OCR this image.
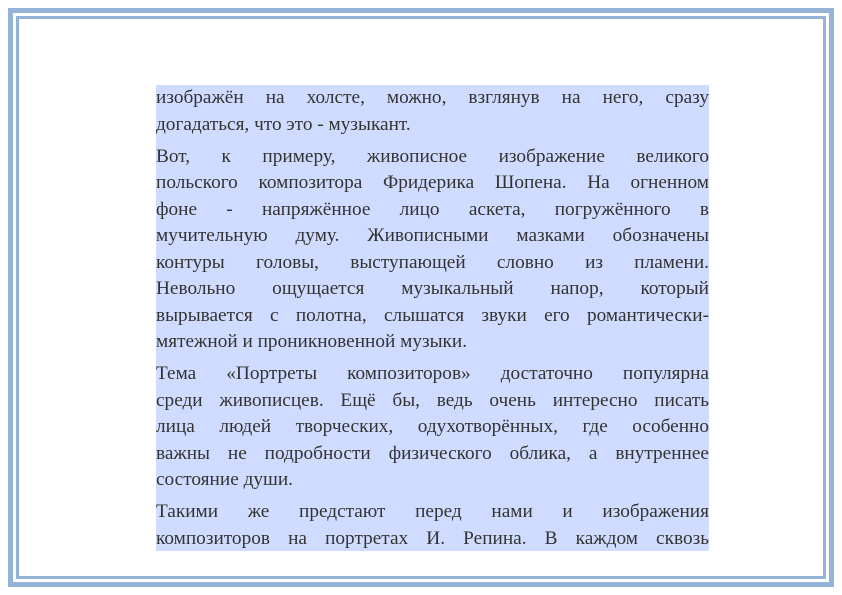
изображён на холсте, можно, взглянув на него, сразу
догадаться, что это - музыкант.
Вот, к примеру, живописное изображение великого
польского композитора Фридерика Шопена. На огненном
фоне - напряжённое лицо аскета, погружённого в
мучительную думу. Живописными мазками обозначены
контуры головы, выступающей словно из пламени.
Невольно ощущается музыкальный напор, который
вырывается с полотна, слышатся звуки его романтически-
мятежной и проникновенной музыки.
Тема «Портреты композиторов» достаточно популярна
среди живописцев. Ещё бы, ведь очень интересно писать
лица людей творческих, одухотворённых, где особенно
важны не подробности физического облика, а внутреннее
состояние души.
Такими же предстают перед нами и изображения
композиторов на портретах И. Репина. В каждом сквозь
